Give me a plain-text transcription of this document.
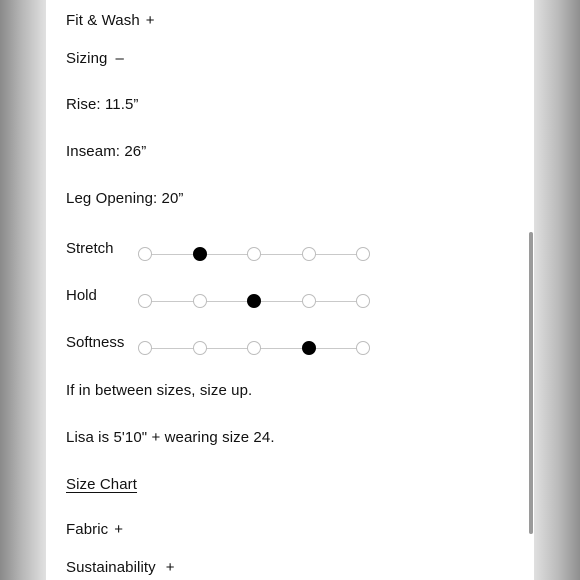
Fit & Wash +
Sizing –
Rise: 11.5”
Inseam: 26”
Leg Opening: 20”
Stretch
Hold
Softness
If in between sizes, size up.
Lisa is 5'10" + wearing size 24.
Size Chart
Fabric +
Sustainability +
